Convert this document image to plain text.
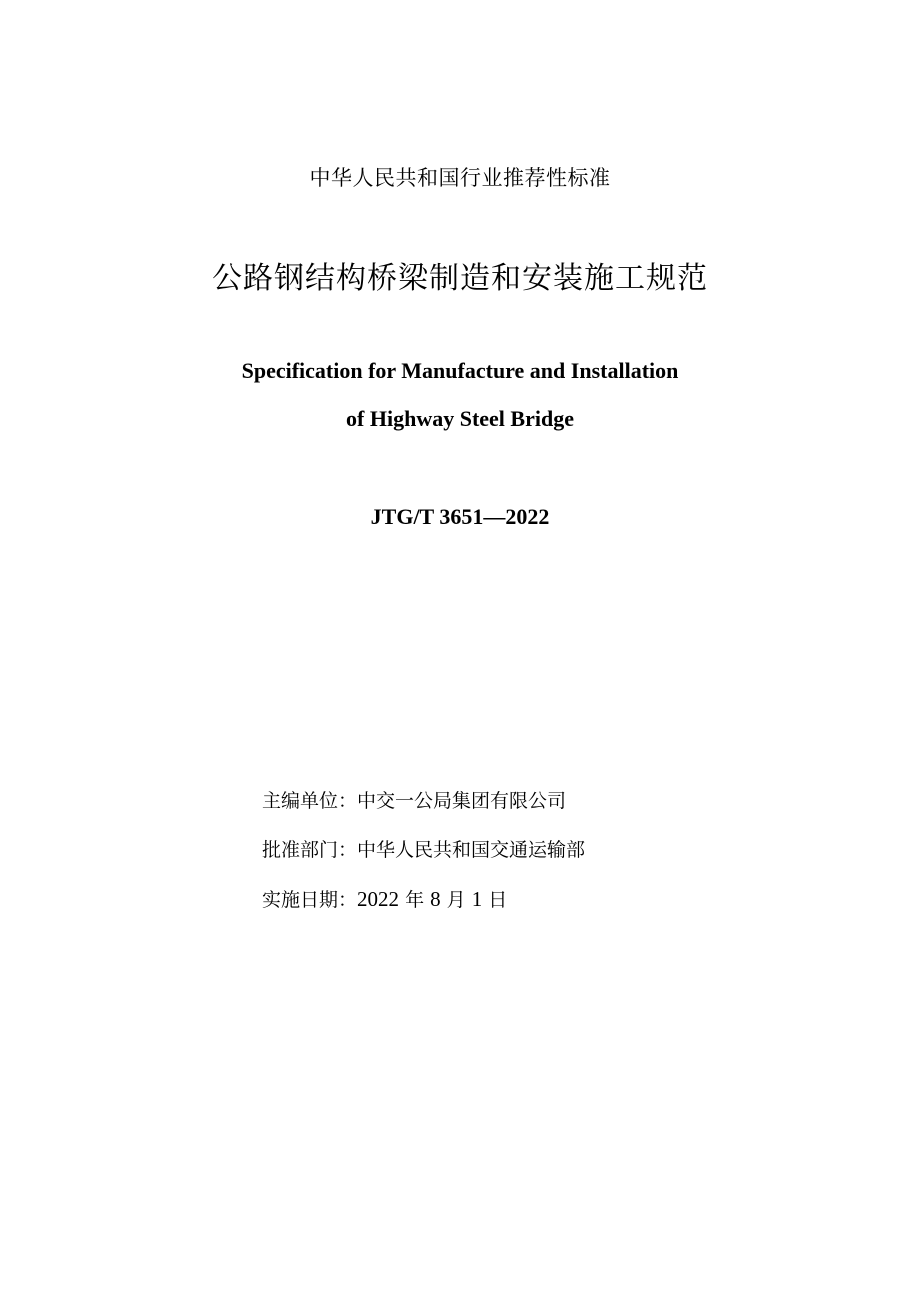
中华人民共和国行业推荐性标准
公路钢结构桥梁制造和安装施工规范
Specification for Manufacture and Installation
of Highway Steel Bridge
JTG/T 3651—2022
主编单位：中交一公局集团有限公司
批准部门：中华人民共和国交通运输部
实施日期：2022 年 8 月 1 日
